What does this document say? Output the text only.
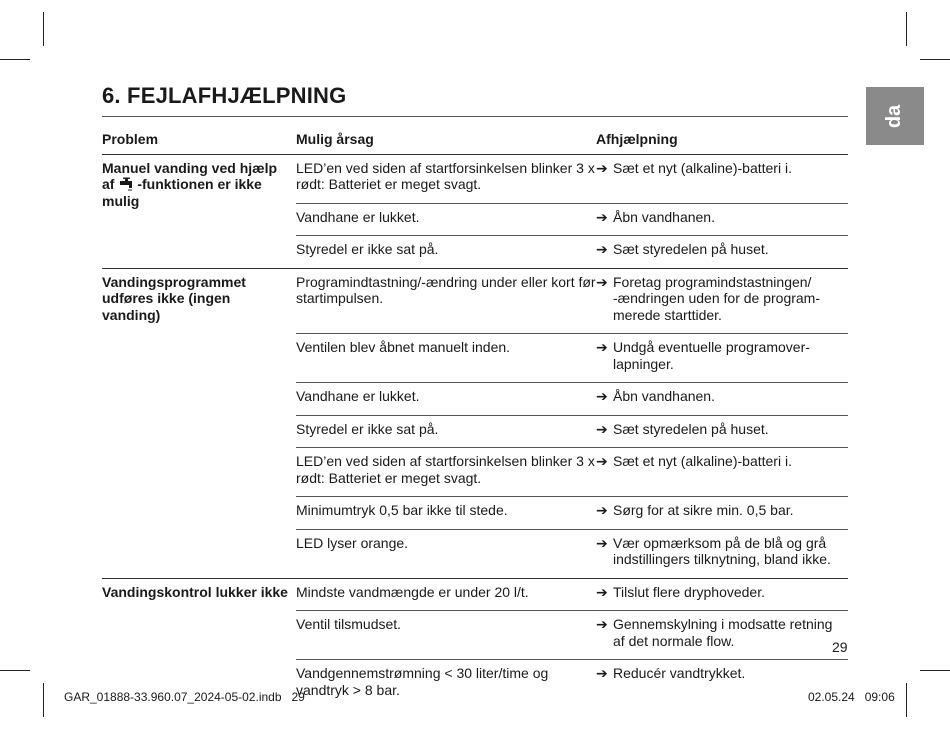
6. FEJLAFHJÆLPNING
da
Problem	Mulig årsag	Afhjælpning
Manuel vanding ved hjælp af -funktionen er ikke mulig	LED’en ved siden af startforsinkelsen blinker 3 x rødt: Batteriet er meget svagt.	➔ Sæt et nyt (alkaline)-batteri i.

	Vandhane er lukket.	➔ Åbn vandhanen.

	Styredel er ikke sat på.	➔ Sæt styredelen på huset.

Vandingsprogrammet udføres ikke (ingen vanding)	Programindtastning/-ændring under eller kort før startimpulsen.	➔ Foretag programindstastningen/ -ændringen uden for de program-merede starttider.

	Ventilen blev åbnet manuelt inden.	➔ Undgå eventuelle programover-lapninger.

	Vandhane er lukket.	➔ Åbn vandhanen.

	Styredel er ikke sat på.	➔ Sæt styredelen på huset.

	LED’en ved siden af startforsinkelsen blinker 3 x rødt: Batteriet er meget svagt.	➔ Sæt et nyt (alkaline)-batteri i.

	Minimumtryk 0,5 bar ikke til stede.	➔ Sørg for at sikre min. 0,5 bar.

	LED lyser orange.	➔ Vær opmærksom på de blå og grå indstillingers tilknytning, bland ikke.

Vandingskontrol lukker ikke	Mindste vandmængde er under 20 l/t.	➔ Tilslut flere dryphoveder.

	Ventil tilsmudset.	➔ Gennemskylning i modsatte retning af det normale flow.

	Vandgennemstrømning < 30 liter/time og vandtryk > 8 bar.	➔ Reducér vandtrykket.
29
GAR_01888-33.960.07_2024-05-02.indb   29	02.05.24   09:06
